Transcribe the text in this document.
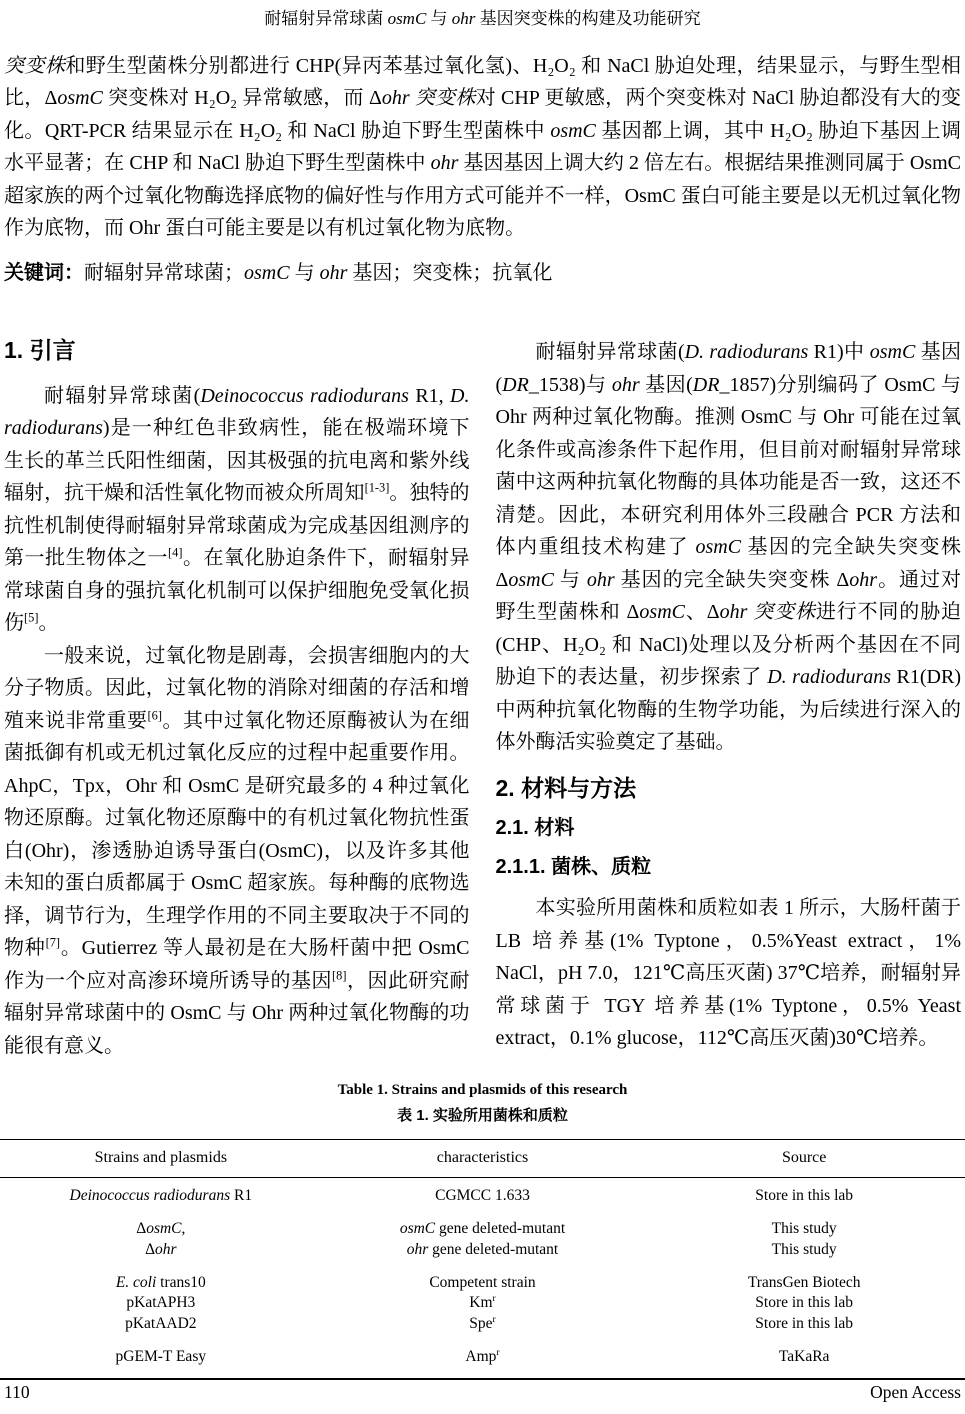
耐辐射异常球菌 osmC 与 ohr 基因突变株的构建及功能研究

突变株和野生型菌株分别都进行 CHP(异丙苯基过氧化氢)、H₂O₂ 和 NaCl 胁迫处理，结果显示，与野生型相比，ΔosmC 突变株对 H₂O₂ 异常敏感，而 Δohr 突变株对 CHP 更敏感，两个突变株对 NaCl 胁迫都没有大的变化。QRT-PCR 结果显示在 H₂O₂ 和 NaCl 胁迫下野生型菌株中 osmC 基因都上调，其中 H₂O₂ 胁迫下基因上调水平显著；在 CHP 和 NaCl 胁迫下野生型菌株中 ohr 基因基因上调大约 2 倍左右。根据结果推测同属于 OsmC 超家族的两个过氧化物酶选择底物的偏好性与作用方式可能并不一样，OsmC 蛋白可能主要是以无机过氧化物作为底物，而 Ohr 蛋白可能主要是以有机过氧化物为底物。

关键词：耐辐射异常球菌；osmC 与 ohr 基因；突变株；抗氧化

1. 引言

耐辐射异常球菌(Deinococcus radiodurans R1, D. radiodurans)是一种红色非致病性，能在极端环境下生长的革兰氏阳性细菌，因其极强的抗电离和紫外线辐射，抗干燥和活性氧化物而被众所周知[1-3]。独特的抗性机制使得耐辐射异常球菌成为完成基因组测序的第一批生物体之一[4]。在氧化胁迫条件下，耐辐射异常球菌自身的强抗氧化机制可以保护细胞免受氧化损伤[5]。

一般来说，过氧化物是剧毒，会损害细胞内的大分子物质。因此，过氧化物的消除对细菌的存活和增殖来说非常重要[6]。其中过氧化物还原酶被认为在细菌抵御有机或无机过氧化反应的过程中起重要作用。AhpC，Tpx，Ohr 和 OsmC 是研究最多的 4 种过氧化物还原酶。过氧化物还原酶中的有机过氧化物抗性蛋白(Ohr)，渗透胁迫诱导蛋白(OsmC)，以及许多其他未知的蛋白质都属于 OsmC 超家族。每种酶的底物选择，调节行为，生理学作用的不同主要取决于不同的物种[7]。Gutierrez 等人最初是在大肠杆菌中把 OsmC 作为一个应对高渗环境所诱导的基因[8]，因此研究耐辐射异常球菌中的 OsmC 与 Ohr 两种过氧化物酶的功能很有意义。

耐辐射异常球菌(D. radiodurans R1)中 osmC 基因(DR_1538)与 ohr 基因(DR_1857)分别编码了 OsmC 与 Ohr 两种过氧化物酶。推测 OsmC 与 Ohr 可能在过氧化条件或高渗条件下起作用，但目前对耐辐射异常球菌中这两种抗氧化物酶的具体功能是否一致，这还不清楚。因此，本研究利用体外三段融合 PCR 方法和体内重组技术构建了 osmC 基因的完全缺失突变株 ΔosmC 与 ohr 基因的完全缺失突变株 Δohr。通过对野生型菌株和 ΔosmC、Δohr 突变株进行不同的胁迫(CHP、H₂O₂ 和 NaCl)处理以及分析两个基因在不同胁迫下的表达量，初步探索了 D. radiodurans R1(DR)中两种抗氧化物酶的生物学功能，为后续进行深入的体外酶活实验奠定了基础。

2. 材料与方法
2.1. 材料
2.1.1. 菌株、质粒

本实验所用菌株和质粒如表 1 所示，大肠杆菌于 LB 培养基(1% Typtone，0.5%Yeast extract，1% NaCl，pH 7.0，121℃高压灭菌) 37℃培养，耐辐射异常球菌于 TGY 培养基(1% Typtone，0.5% Yeast extract，0.1% glucose，112℃高压灭菌)30℃培养。

Table 1. Strains and plasmids of this research
表 1. 实验所用菌株和质粒
Strains and plasmids	characteristics	Source
Deinococcus radiodurans R1	CGMCC 1.633	Store in this lab
ΔosmC,	osmC gene deleted-mutant	This study
Δohr	ohr gene deleted-mutant	This study
E. coli trans10	Competent strain	TransGen Biotech
pKatAPH3	Km$^r$	Store in this lab
pKatAAD2	Spe$^r$	Store in this lab
pGEM-T Easy	Amp$^r$	TaKaRa
110	Open Access
